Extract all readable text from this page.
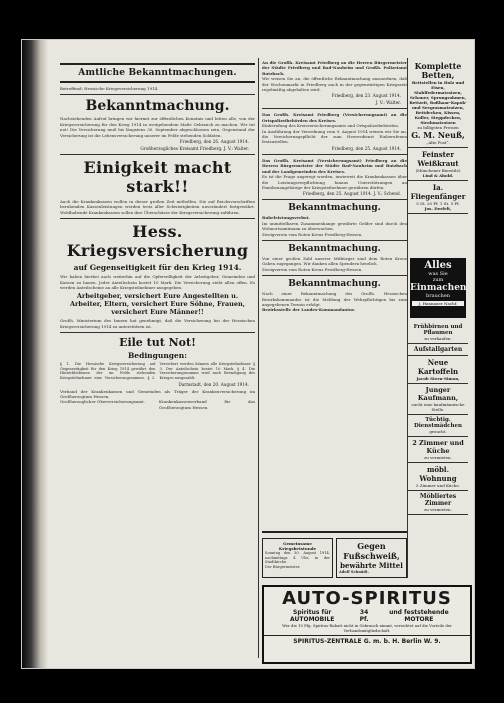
Amtliche Bekanntmachungen.

Betreffend: Hessische Kriegsversicherung 1914.
Bekanntmachung.
Nachstehenden Aufruf bringen wir hiermit zur öffentlichen Kenntnis und bitten alle, von der Kriegsversicherung für den Krieg 1914 in weitgehendem Maße Gebrauch zu machen. Wir tut not! Die Versicherung muß bis längstens 30. September abgeschlossen sein. Gegenstand der Versicherung ist die Lebensversicherung unserer im Felde stehenden Soldaten.
Friedberg, den 26. August 1914.
Großherzogliches Kreisamt Friedberg. J. V.: Walter.
Einigkeit macht stark!!
Auch die Krankenkassen wollen in dieser großen Zeit mithelfen. Die auf Reichsvorschriften beruhenden Kassenleistungen werden trotz aller Schwierigkeiten unverändert fortgewährt. Wohlhabende Krankenkassen sollen ihre Überschüsse der Kriegsversicherung zuführen.
Hess. Kriegsversicherung
auf Gegenseitigkeit für den Krieg 1914.
Wir haben hierbei auch weiterhin auf die Opferwilligkeit der Arbeitgeber, Gemeinden und Kassen zu bauen. Jeder Anteilschein kostet 10 Mark. Die Versicherung steht allen offen. Es werden Anteilscheine an alle Kriegsteilnehmer ausgegeben.
Arbeitgeber, versichert Eure Angestellten u. Arbeiter, Eltern, versichert Eure Söhne, Frauen, versichert Eure Männer!!
Großh. Ministerium des Innern hat genehmigt, daß die Versicherung bei der Hessischen Kriegsversicherung 1914 zu unterstützen ist.
Eile tut Not!
Bedingungen:
§ 1. Die Hessische Kriegsversicherung auf Gegenseitigkeit für den Krieg 1914 gewährt den Hinterbliebenen der im Felde stehenden Kriegsteilnehmer eine Versicherungssumme. § 2. Versichert werden können alle Kriegsteilnehmer. § 3. Der Anteilschein kostet 10 Mark. § 4. Die Versicherungssumme wird nach Beendigung des Krieges ausgezahlt.
Darmstadt, den 20. August 1914.
Verband der Krankenkassen und Gemeinden als Träger der Krankenversicherung im Großherzogtum Hessen.
Großherzoglicher Oberversicherungsamt.	Krankenkassenverband für das Großherzogtum Hessen.
An die Großh. Kreisamt Friedberg an die Herren Bürgermeister der Städte Friedberg und Bad-Nauheim und Großh. Polizeiamt Butzbach.
Wir weisen Sie an, die öffentliche Bekanntmachung anzuordnen, daß der Wochenmarkt in Friedberg auch in der gegenwärtigen Kriegszeit regelmäßig abgehalten wird.
Friedberg, den 23. August 1914.
J. V.: Walter.
Das Großh. Kreisamt Friedberg (Versicherungsamt) an die Ortspolizeibehörden des Kreises.
Einberufung des Kreisversicherungsamts und Ortspolizeibehörden.
In Ausführung der Verordnung vom 9. August 1914 weisen wir Sie an, die Versicherungspflicht der zum Heeresdienst Einberufenen festzustellen.
Friedberg, den 25. August 1914.
Das Großh. Kreisamt (Versicherungsamt) Friedberg an die Herren Bürgermeister der Städte Bad-Nauheim und Butzbach und der Landgemeinden des Kreises.
Es ist die Frage angeregt worden, inwieweit die Krankenkassen über die Leistungsverpflichtung hinaus Unterstützungen an Familienangehörige der Kriegsteilnehmer gewähren dürfen.
Friedberg, den 25. August 1914. J. V.: Schend.
Bekanntmachung.
Ruheleistungsverbot.
Im unmittelbaren Zusammenhange gewährte Gelder sind durch den Wohnortsamtmann zu überwachen.
Zweigverein vom Roten Kreuz Friedberg-Hessen.
Bekanntmachung.
Von einer großen Zahl unserer Mitbürger sind dem Roten Kreuz Gaben zugegangen. Wir danken allen Spendern herzlich.
Zweigverein vom Roten Kreuz Friedberg-Hessen.
Bekanntmachung.
Nach einer Bekanntmachung des Großh. Hessischen Bezirkskommandos ist die Meldung der Wehrpflichtigen bis zum angegebenen Termin erfolgt.
Bezirksstelle der Landes-Kommandantur.
Gemeinsame Kriegsbetstunde
Sonntag den 30. August 1914, nachmittags 4 Uhr, in der Stadtkirche.
Der Bürgermeister.
Gegen Fußschweiß,
bewährte Mittel
Adolf Schmidt.
Komplette Betten,
Bettstellen in Holz und Eisen, Stahlfedermatratzen, Schoner, Sprungrahmen, Bettzeit, Roßhaar-Kapok- und Seegrasmatratzen, Bettdecken, Kissen, Koller, Steppdecken, Strohmatratzen
zu billigsten Preisen
G. M. Neuß,
„Alte Post“.
Feinster Weißkraut
(Münchener Bierstile)
Lind & Abold.
Ia. Fliegenfänger
5 St. 20 Pf. 1 St. 5 Pf.
Jos. Derfelt,
Alles
was Sie
zum
Einmachen
brauchen
J. Hannauer Nachf.
Frühbirnen und Pflaumen
zu verkaufen.
Aufstallgarten
Neue Kartoffeln
Jacob Stern-Simon,
Junger Kaufmann,
sucht eine kaufmännische Stelle.
Tüchtig. Dienstmädchen
gesucht.
2 Zimmer und Küche
zu vermieten.
möbl. Wohnung
5 Zimmer und Küche.
Möbliertes Zimmer
zu vermieten.
AUTO-SPIRITUS
Spiritus für AUTOMOBILE
34 Pf.
und feststehende MOTORE
Wer die 10 Pfg. Spiritus-Rabatt nicht in Gebrauch nimmt, verzichtet auf die Vorteile der Verbandsmitgliedschaft.
SPIRITUS-ZENTRALE G. m. b. H. Berlin W. 9.
